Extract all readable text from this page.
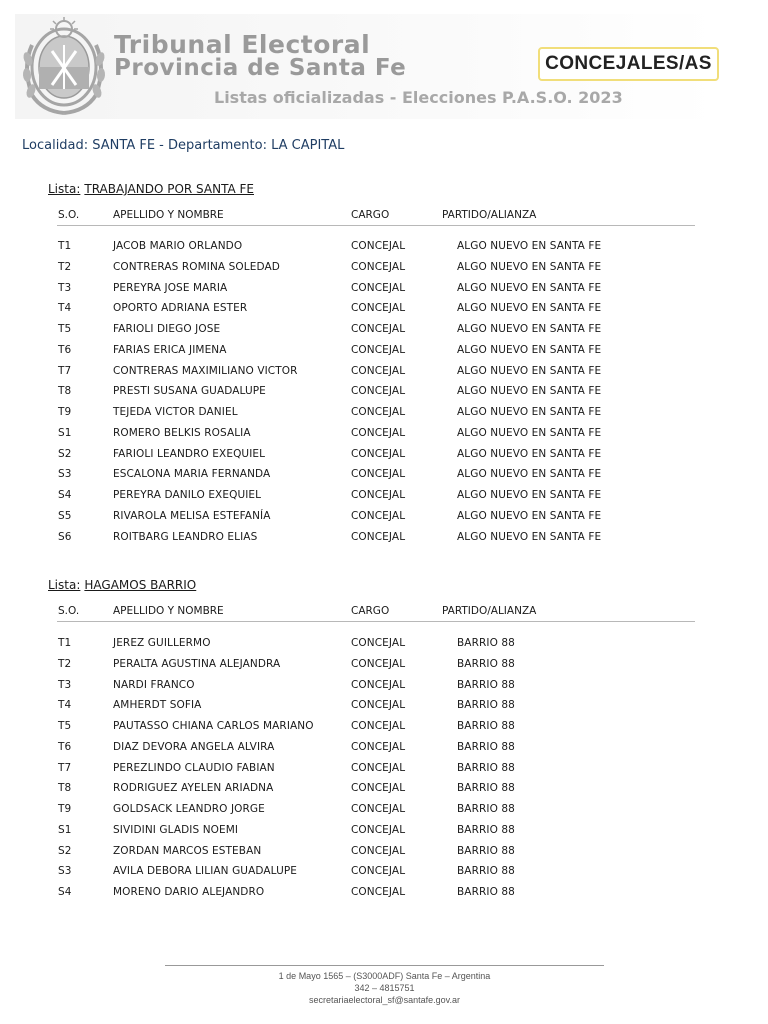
Tribunal Electoral
Provincia de Santa Fe
Listas oficializadas - Elecciones P.A.S.O. 2023
CONCEJALES/AS
Localidad: SANTA FE - Departamento: LA CAPITAL
Lista: TRABAJANDO POR SANTA FE
S.O.	APELLIDO Y NOMBRE	CARGO	PARTIDO/ALIANZA
T1	JACOB MARIO ORLANDO	CONCEJAL	ALGO NUEVO EN SANTA FE
T2	CONTRERAS ROMINA SOLEDAD	CONCEJAL	ALGO NUEVO EN SANTA FE
T3	PEREYRA JOSE MARIA	CONCEJAL	ALGO NUEVO EN SANTA FE
T4	OPORTO ADRIANA ESTER	CONCEJAL	ALGO NUEVO EN SANTA FE
T5	FARIOLI DIEGO JOSE	CONCEJAL	ALGO NUEVO EN SANTA FE
T6	FARIAS ERICA JIMENA	CONCEJAL	ALGO NUEVO EN SANTA FE
T7	CONTRERAS MAXIMILIANO VICTOR	CONCEJAL	ALGO NUEVO EN SANTA FE
T8	PRESTI SUSANA GUADALUPE	CONCEJAL	ALGO NUEVO EN SANTA FE
T9	TEJEDA VICTOR DANIEL	CONCEJAL	ALGO NUEVO EN SANTA FE
S1	ROMERO BELKIS ROSALIA	CONCEJAL	ALGO NUEVO EN SANTA FE
S2	FARIOLI LEANDRO EXEQUIEL	CONCEJAL	ALGO NUEVO EN SANTA FE
S3	ESCALONA MARIA FERNANDA	CONCEJAL	ALGO NUEVO EN SANTA FE
S4	PEREYRA DANILO EXEQUIEL	CONCEJAL	ALGO NUEVO EN SANTA FE
S5	RIVAROLA MELISA ESTEFANÍA	CONCEJAL	ALGO NUEVO EN SANTA FE
S6	ROITBARG LEANDRO ELIAS	CONCEJAL	ALGO NUEVO EN SANTA FE
Lista: HAGAMOS BARRIO
S.O.	APELLIDO Y NOMBRE	CARGO	PARTIDO/ALIANZA
T1	JEREZ GUILLERMO	CONCEJAL	BARRIO 88
T2	PERALTA AGUSTINA ALEJANDRA	CONCEJAL	BARRIO 88
T3	NARDI FRANCO	CONCEJAL	BARRIO 88
T4	AMHERDT SOFIA	CONCEJAL	BARRIO 88
T5	PAUTASSO CHIANA CARLOS MARIANO	CONCEJAL	BARRIO 88
T6	DIAZ DEVORA ANGELA ALVIRA	CONCEJAL	BARRIO 88
T7	PEREZLINDO CLAUDIO FABIAN	CONCEJAL	BARRIO 88
T8	RODRIGUEZ AYELEN ARIADNA	CONCEJAL	BARRIO 88
T9	GOLDSACK LEANDRO JORGE	CONCEJAL	BARRIO 88
S1	SIVIDINI GLADIS NOEMI	CONCEJAL	BARRIO 88
S2	ZORDAN MARCOS ESTEBAN	CONCEJAL	BARRIO 88
S3	AVILA DEBORA LILIAN GUADALUPE	CONCEJAL	BARRIO 88
S4	MORENO DARIO ALEJANDRO	CONCEJAL	BARRIO 88
1 de Mayo 1565 – (S3000ADF) Santa Fe – Argentina
342 – 4815751
secretariaelectoral_sf@santafe.gov.ar
